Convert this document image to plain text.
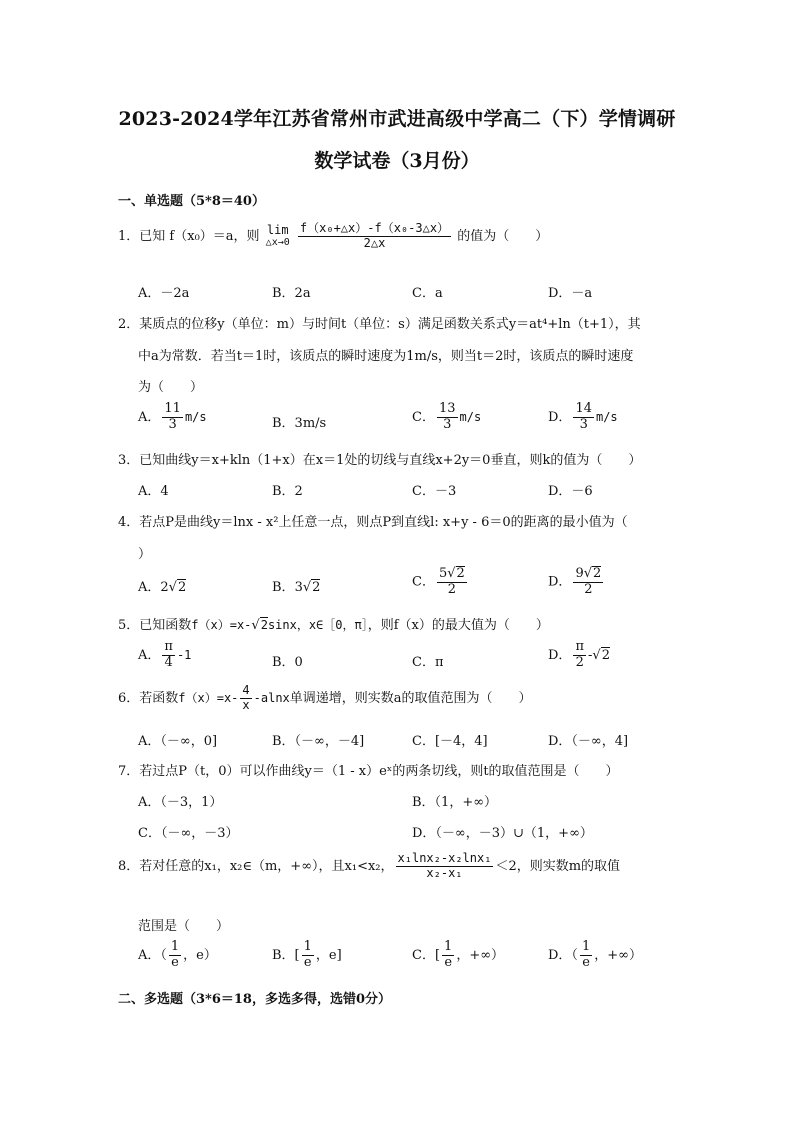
2023-2024学年江苏省常州市武进高级中学高二（下）学情调研
数学试卷（3月份）
一、单选题（5*8＝40）
1．已知 f（x₀）＝a，则 lim
△x→0
$\frac{\text{f（x₀+△x）-f（x₀-3△x）}}{2\triangle x}$ 的值为（　　）
A．－2a	B．2a	C．a	D．－a
2．某质点的位移y（单位：m）与时间t（单位：s）满足函数关系式y＝at⁴+ln（t+1），其
中a为常数．若当t＝1时，该质点的瞬时速度为1m/s，则当t＝2时，该质点的瞬时速度
为（　　）
A． $\frac{11}{3} m/s$	B．3m/s	C． $\frac{13}{3} m/s$	D． $\frac{14}{3} m/s$
3．已知曲线y＝x+kln（1+x）在x＝1处的切线与直线x+2y＝0垂直，则k的值为（　　）
A．4	B．2	C．－3	D．－6
4．若点P是曲线y＝lnx - x²上任意一点，则点P到直线l: x+y - 6＝0的距离的最小值为（
）
A．2√2	B．3√2	C． $\frac{5√2}{2}$	D． $\frac{9√2}{2}$
5．已知函数f（x）=x-√2sinx，x∈［0，π］，则f（x）的最大值为（　　）
A． $\frac{\pi}{4} -1$
B．0	C．π	D． $\frac{\pi}{2} -√2$
6．若函数$f(x)=x- \frac{4}{x} -alnx$单调递增，则实数a的取值范围为（　　）
A．（－∞，0]	B．（－∞，－4]	C．[－4，4]	D．（－∞，4]
7．若过点P（t，0）可以作曲线y＝（1 - x）eˣ的两条切线，则t的取值范围是（　　）
A．（－3，1）	B．（1，+∞）
C．（－∞，－3）	D．（－∞，－3）∪（1，+∞）
8．若对任意的x₁，x₂∈（m，+∞），且x₁<x₂， $\frac{\text{x₁lnx₂-x₂lnx₁}}{\text{x₂-x₁}} <2$，则实数m的取值
范围是（　　）
A．（ $\frac{1}{e}$ ，e）	B．[ $\frac{1}{e}$ ，e]	C．[ $\frac{1}{e}$ ，+∞）	D．（ $\frac{1}{e}$ ，+∞）
二、多选题（3*6＝18，多选多得，选错0分）
